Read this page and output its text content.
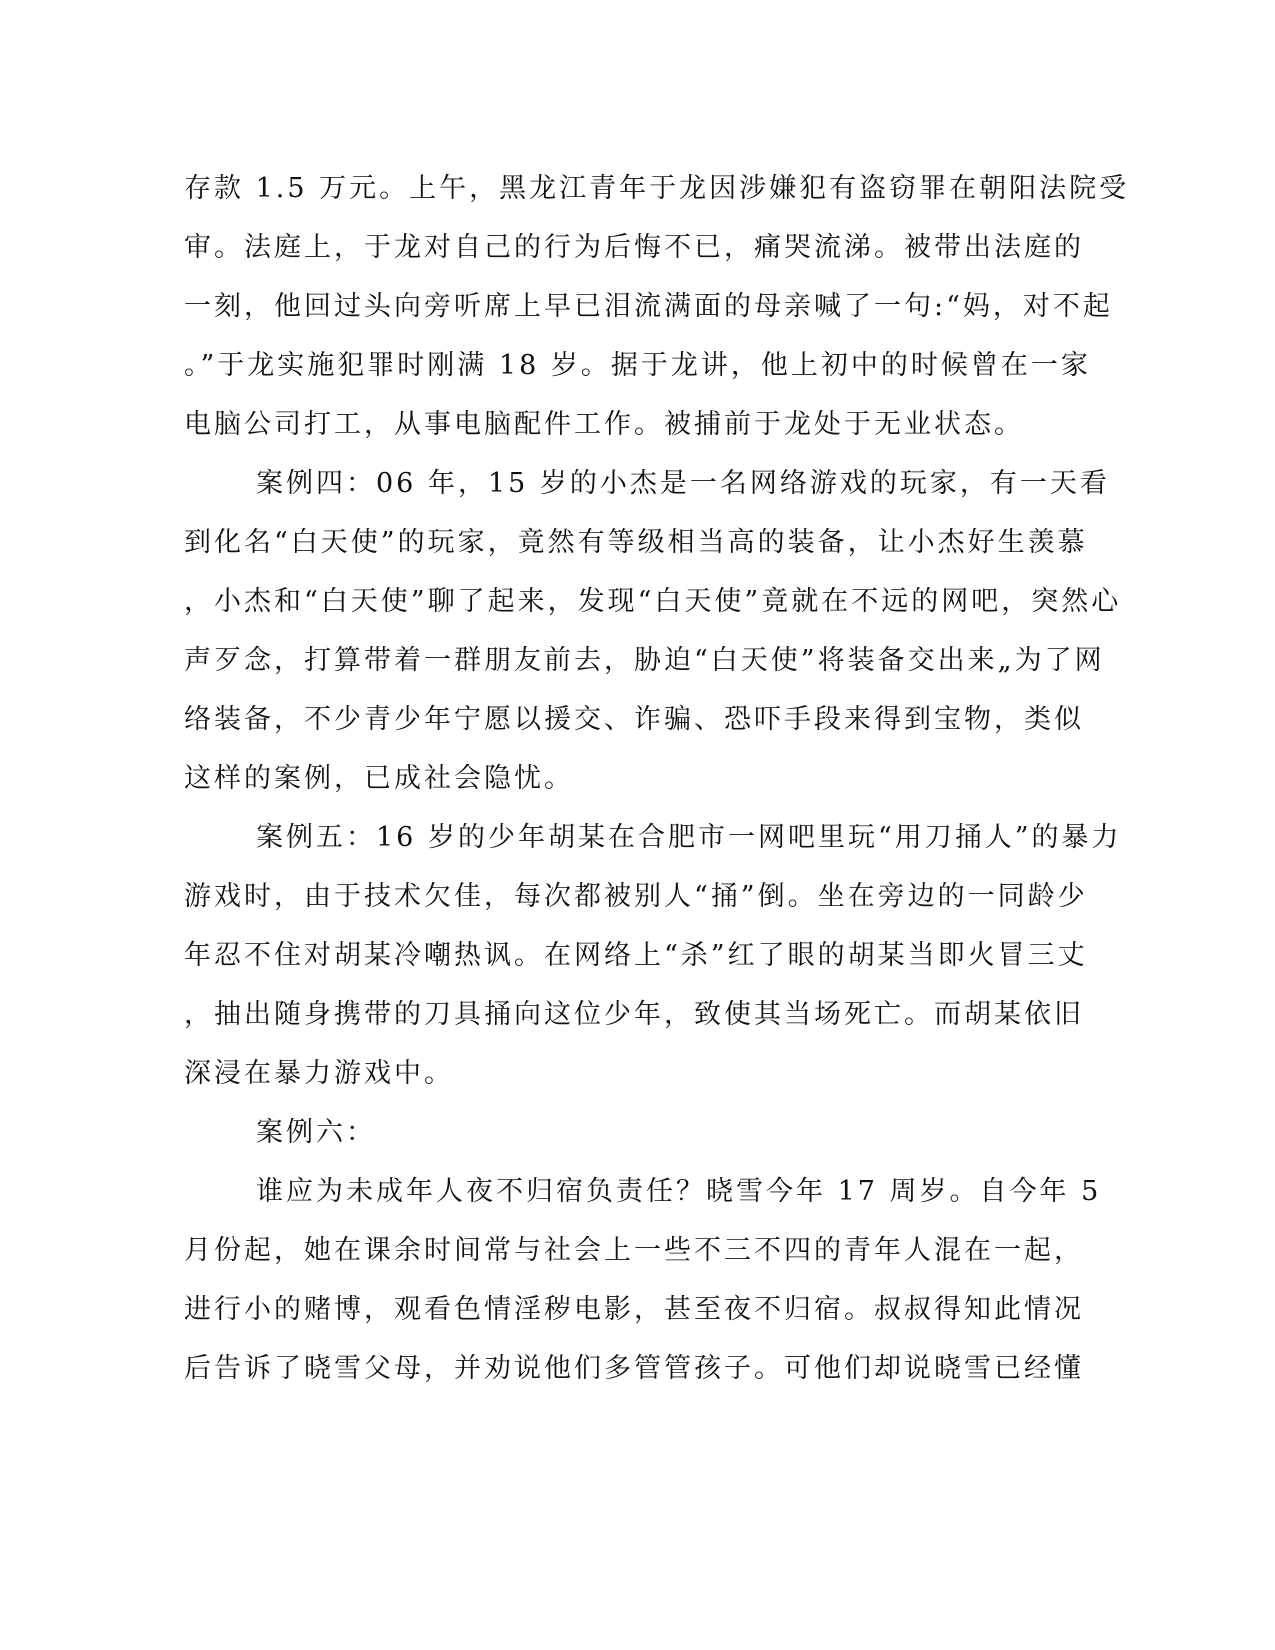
存款 1.5 万元。上午，黑龙江青年于龙因涉嫌犯有盗窃罪在朝阳法院受
审。法庭上，于龙对自己的行为后悔不已，痛哭流涕。被带出法庭的
一刻，他回过头向旁听席上早已泪流满面的母亲喊了一句:“妈，对不起
。”于龙实施犯罪时刚满 18 岁。据于龙讲，他上初中的时候曾在一家
电脑公司打工，从事电脑配件工作。被捕前于龙处于无业状态。
案例四：06 年，15 岁的小杰是一名网络游戏的玩家，有一天看
到化名“白天使”的玩家，竟然有等级相当高的装备，让小杰好生羡慕
，小杰和“白天使”聊了起来，发现“白天使”竟就在不远的网吧，突然心
声歹念，打算带着一群朋友前去，胁迫“白天使”将装备交出来„为了网
络装备，不少青少年宁愿以援交、诈骗、恐吓手段来得到宝物，类似
这样的案例，已成社会隐忧。
案例五：16 岁的少年胡某在合肥市一网吧里玩“用刀捅人”的暴力
游戏时，由于技术欠佳，每次都被别人“捅”倒。坐在旁边的一同龄少
年忍不住对胡某冷嘲热讽。在网络上“杀”红了眼的胡某当即火冒三丈
，抽出随身携带的刀具捅向这位少年，致使其当场死亡。而胡某依旧
深浸在暴力游戏中。
案例六：
谁应为未成年人夜不归宿负责任？晓雪今年 17 周岁。自今年 5
月份起，她在课余时间常与社会上一些不三不四的青年人混在一起，
进行小的赌博，观看色情淫秽电影，甚至夜不归宿。叔叔得知此情况
后告诉了晓雪父母，并劝说他们多管管孩子。可他们却说晓雪已经懂
